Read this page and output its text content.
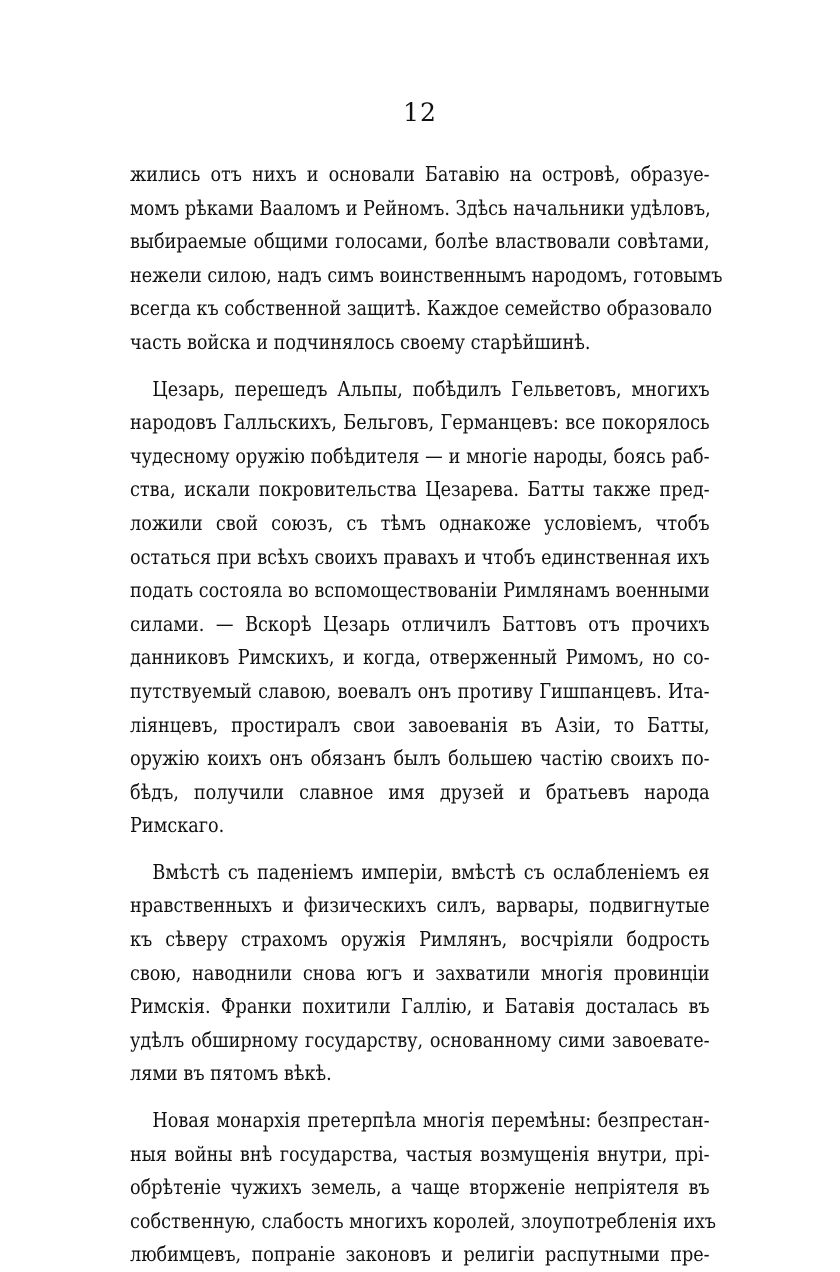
12

жились отъ нихъ и основали Батавію на островѣ, образуе-
момъ рѣками Вааломъ и Рейномъ. Здѣсь начальники удѣловъ,
выбираемые общими голосами, болѣе властвовали совѣтами,
нежели силою, надъ симъ воинственнымъ народомъ, готовымъ
всегда къ собственной защитѣ. Каждое семейство образовало
часть войска и подчинялось своему старѣйшинѣ.

Цезарь, перешедъ Альпы, побѣдилъ Гельветовъ, многихъ
народовъ Галльскихъ, Бельговъ, Германцевъ: все покорялось
чудесному оружію побѣдителя — и многіе народы, боясь раб-
ства, искали покровительства Цезарева. Батты также пред-
ложили свой союзъ, съ тѣмъ однакоже условіемъ, чтобъ
остаться при всѣхъ своихъ правахъ и чтобъ единственная ихъ
подать состояла во вспомоществованіи Римлянамъ военными
силами. — Вскорѣ Цезарь отличилъ Баттовъ отъ прочихъ
данниковъ Римскихъ, и когда, отверженный Римомъ, но со-
путствуемый славою, воевалъ онъ противу Гишпанцевъ. Ита-
ліянцевъ, простиралъ свои завоеванія въ Азіи, то Батты,
оружію коихъ онъ обязанъ былъ большею частію своихъ по-
бѣдъ, получили славное имя друзей и братьевъ народа
Римскаго.

Вмѣстѣ съ паденіемъ имперіи, вмѣстѣ съ ослабленіемъ ея
нравственныхъ и физическихъ силъ, варвары, подвигнутые
къ сѣверу страхомъ оружія Римлянъ, восчріяли бодрость
свою, наводнили снова югъ и захватили многія провинціи
Римскія. Франки похитили Галлію, и Батавія досталась въ
удѣлъ обширному государству, основанному сими завоевате-
лями въ пятомъ вѣкѣ.

Новая монархія претерпѣла многія перемѣны: безпрестан-
ныя войны внѣ государства, частыя возмущенія внутри, прі-
обрѣтеніе чужихъ земель, а чаще вторженіе непріятеля въ
собственную, слабость многихъ королей, злоупотребленія ихъ
любимцевъ, попраніе законовъ и религіи распутными пре-
